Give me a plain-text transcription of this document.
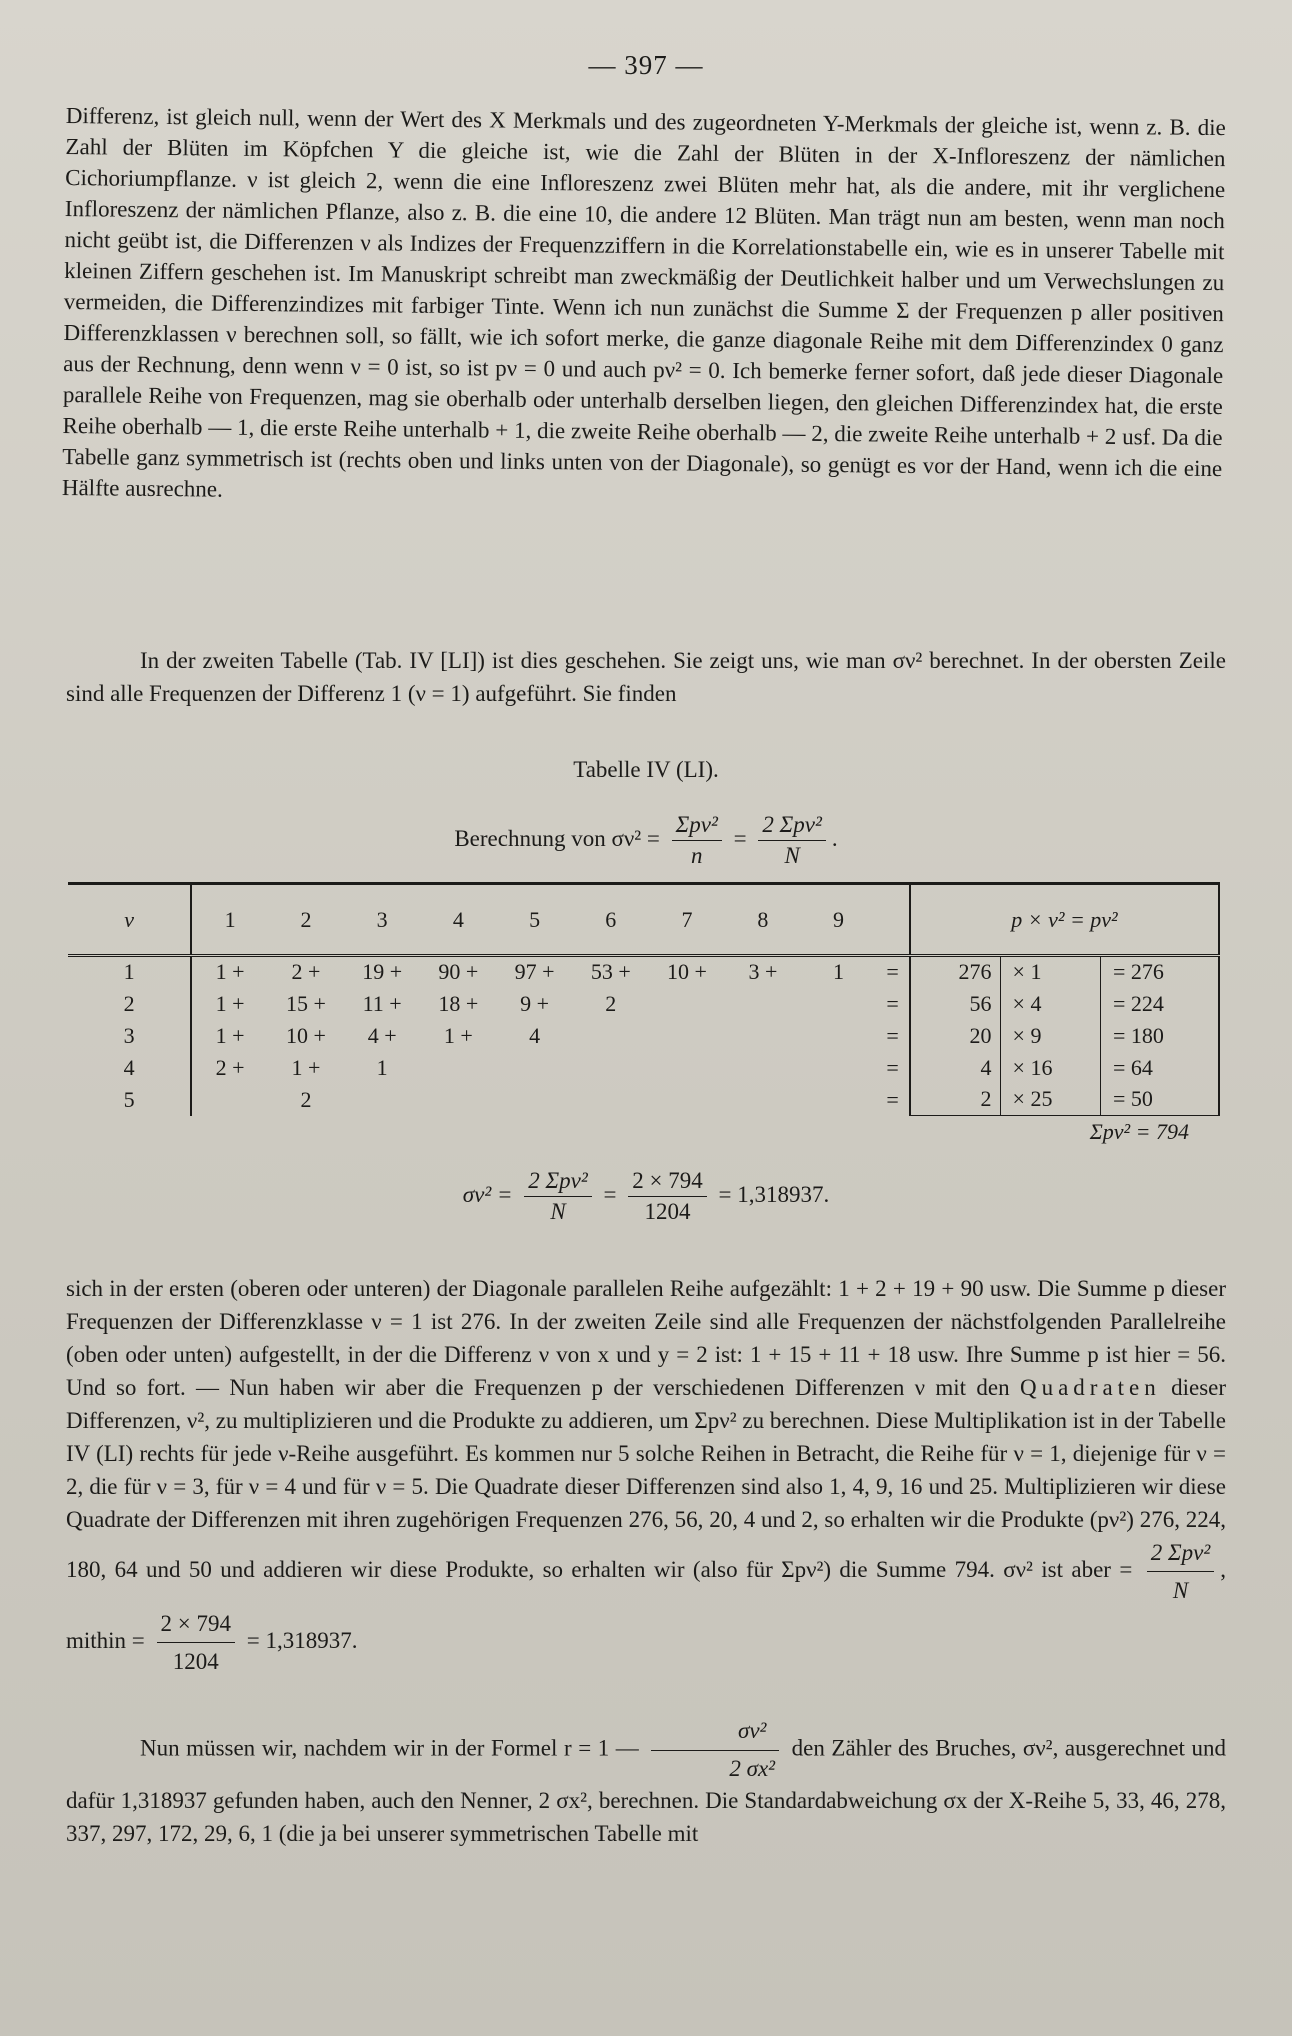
— 397 —

Differenz, ist gleich null, wenn der Wert des X Merkmals und des zugeordneten Y-Merkmals der gleiche ist, wenn z. B. die Zahl der Blüten im Köpfchen Y die gleiche ist, wie die Zahl der Blüten in der X-Infloreszenz der nämlichen Cichoriumpflanze. ν ist gleich 2, wenn die eine Infloreszenz zwei Blüten mehr hat, als die andere, mit ihr verglichene Infloreszenz der nämlichen Pflanze, also z. B. die eine 10, die andere 12 Blüten. Man trägt nun am besten, wenn man noch nicht geübt ist, die Differenzen ν als Indizes der Frequenzziffern in die Korrelationstabelle ein, wie es in unserer Tabelle mit kleinen Ziffern geschehen ist. Im Manuskript schreibt man zweckmäßig der Deutlichkeit halber und um Verwechslungen zu vermeiden, die Differenzindizes mit farbiger Tinte. Wenn ich nun zunächst die Summe Σ der Frequenzen p aller positiven Differenzklassen ν berechnen soll, so fällt, wie ich sofort merke, die ganze diagonale Reihe mit dem Differenzindex 0 ganz aus der Rechnung, denn wenn ν = 0 ist, so ist pν = 0 und auch pν² = 0. Ich bemerke ferner sofort, daß jede dieser Diagonale parallele Reihe von Frequenzen, mag sie oberhalb oder unterhalb derselben liegen, den gleichen Differenzindex hat, die erste Reihe oberhalb — 1, die erste Reihe unterhalb + 1, die zweite Reihe oberhalb — 2, die zweite Reihe unterhalb + 2 usf. Da die Tabelle ganz symmetrisch ist (rechts oben und links unten von der Diagonale), so genügt es vor der Hand, wenn ich die eine Hälfte ausrechne.

In der zweiten Tabelle (Tab. IV [LI]) ist dies geschehen. Sie zeigt uns, wie man σν² berechnet. In der obersten Zeile sind alle Frequenzen der Differenz 1 (ν = 1) aufgeführt. Sie finden

Tabelle IV (LI).
Berechnung von $\sigma\nu^2 = \frac{\text{Σpν²}}{n} = \frac{\text{2 Σpν²}}{N}$ .
ν	1	2	3	4	5	6	7	8	9		p × ν² = pν²		
1	1 +	2 +	19 +	90 +	97 +	53 +	10 +	3 +	1	=	276	× 1	= 276
2	1 +	15 +	11 +	18 +	9 +	2				=	56	× 4	= 224
3	1 +	10 +	4 +	1 +	4					=	20	× 9	= 180
4	2 +	1 +	1							=	4	× 16	= 64
5		2								=	2	× 25	= 50
											Σpν² = 794		
$\sigma\nu^2 = \frac{\text{2 Σpν²}}{N} = \frac{2 \times 794}{1204} = 1,318937$.

sich in der ersten (oberen oder unteren) der Diagonale parallelen Reihe aufgezählt: 1 + 2 + 19 + 90 usw. Die Summe p dieser Frequenzen der Differenzklasse ν = 1 ist 276. In der zweiten Zeile sind alle Frequenzen der nächstfolgenden Parallelreihe (oben oder unten) aufgestellt, in der die Differenz ν von x und y = 2 ist: 1 + 15 + 11 + 18 usw. Ihre Summe p ist hier = 56. Und so fort. — Nun haben wir aber die Frequenzen p der verschiedenen Differenzen ν mit den Quadraten dieser Differenzen, ν², zu multiplizieren und die Produkte zu addieren, um Σpν² zu berechnen. Diese Multiplikation ist in der Tabelle IV (LI) rechts für jede ν-Reihe ausgeführt. Es kommen nur 5 solche Reihen in Betracht, die Reihe für ν = 1, diejenige für ν = 2, die für ν = 3, für ν = 4 und für ν = 5. Die Quadrate dieser Differenzen sind also 1, 4, 9, 16 und 25. Multiplizieren wir diese Quadrate der Differenzen mit ihren zugehörigen Frequenzen 276, 56, 20, 4 und 2, so erhalten wir die Produkte (pν²) 276, 224, 180, 64 und 50 und addieren wir diese Produkte, so erhalten wir (also für Σpν²) die Summe 794. σν² ist aber = $\frac{\text{2 Σpν²}}{N}$ , mithin = $\frac{2 \times 794}{1204} = 1,318937$.

Nun müssen wir, nachdem wir in der Formel r = 1 — $\frac{\text{σν²}}{\text{2 σx²}}$ den Zähler des Bruches, σν², ausgerechnet und dafür 1,318937 gefunden haben, auch den Nenner, 2 σx², berechnen. Die Standardabweichung σx der X-Reihe 5, 33, 46, 278, 337, 297, 172, 29, 6, 1 (die ja bei unserer symmetrischen Tabelle mit
